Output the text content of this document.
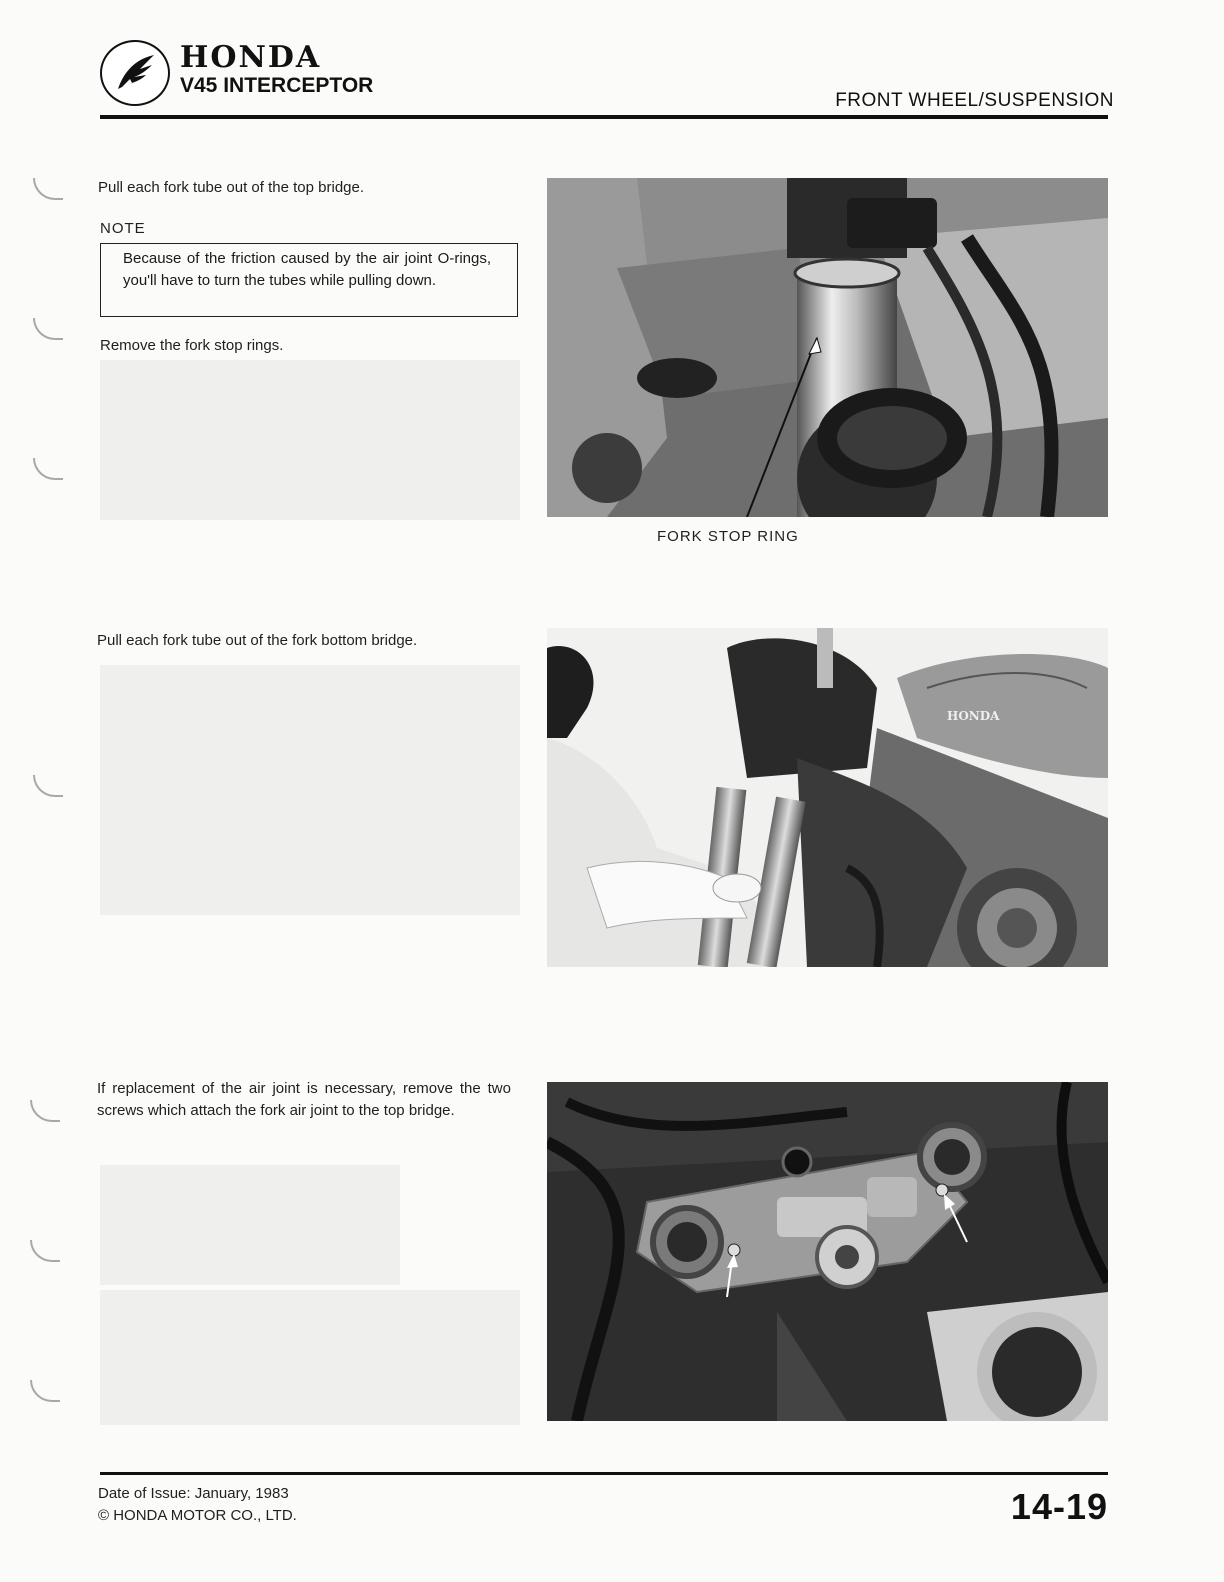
HONDA
V45 INTERCEPTOR
FRONT WHEEL/SUSPENSION
Pull each fork tube out of the top bridge.
NOTE
Because of the friction caused by the air joint O-rings, you'll have to turn the tubes while pulling down.
Remove the fork stop rings.
FORK STOP RING
Pull each fork tube out of the fork bottom bridge.
HONDA
If replacement of the air joint is necessary, remove the two screws which attach the fork air joint to the top bridge.
Date of Issue: January, 1983
© HONDA MOTOR CO., LTD.	14-19
